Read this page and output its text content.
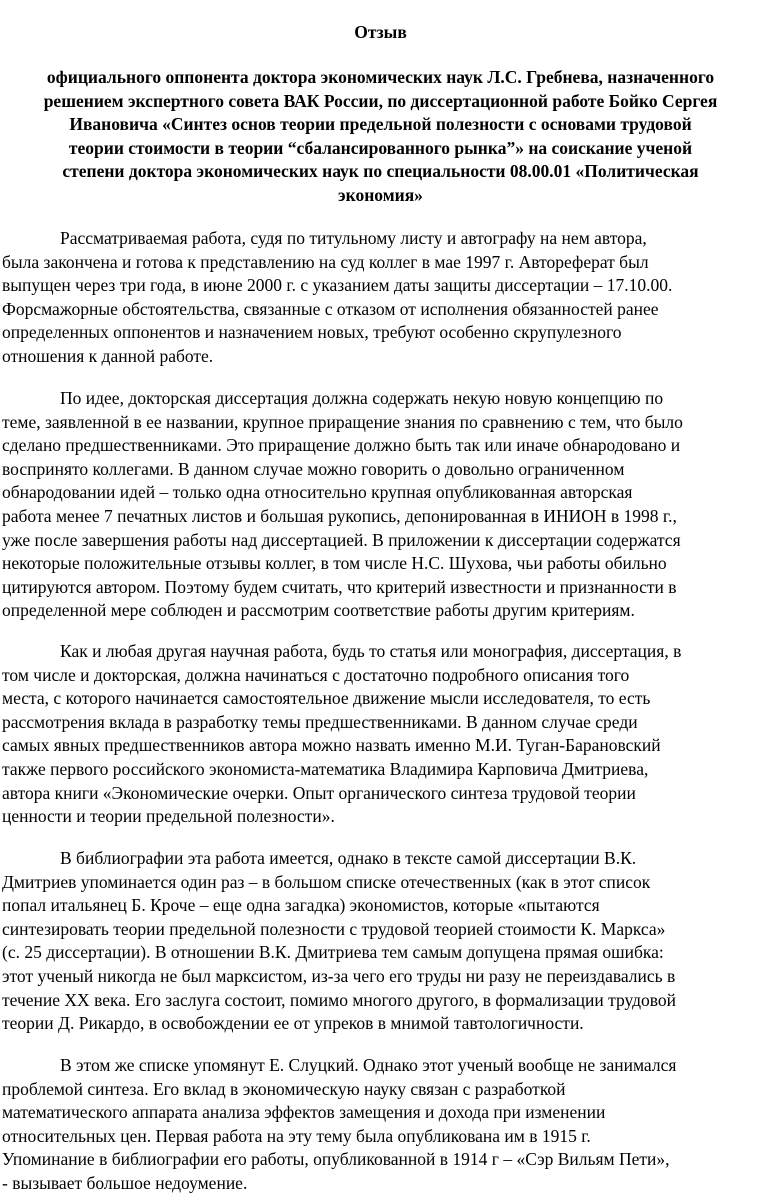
Отзыв
официального оппонента доктора экономических наук Л.С. Гребнева, назначенного
решением экспертного совета ВАК России, по диссертационной работе Бойко Сергея
Ивановича «Синтез основ теории предельной полезности с основами трудовой
теории стоимости в теории “сбалансированного рынка”» на соискание ученой
степени доктора экономических наук по специальности 08.00.01 «Политическая
экономия»
Рассматриваемая работа, судя по титульному листу и автографу на нем автора,
была закончена и готова к представлению на суд коллег в мае 1997 г. Автореферат был
выпущен через три года, в июне 2000 г. с указанием даты защиты диссертации – 17.10.00.
Форсмажорные обстоятельства, связанные с отказом от исполнения обязанностей ранее
определенных оппонентов и назначением новых, требуют особенно скрупулезного
отношения к данной работе.
По идее, докторская диссертация должна содержать некую новую концепцию по
теме, заявленной в ее названии, крупное приращение знания по сравнению с тем, что было
сделано предшественниками. Это приращение должно быть так или иначе обнародовано и
воспринято коллегами. В данном случае можно говорить о довольно ограниченном
обнародовании идей – только одна относительно крупная опубликованная авторская
работа менее 7 печатных листов и большая рукопись, депонированная в ИНИОН в 1998 г.,
уже после завершения работы над диссертацией. В приложении к диссертации содержатся
некоторые положительные отзывы коллег, в том числе Н.С. Шухова, чьи работы обильно
цитируются автором. Поэтому будем считать, что критерий известности и признанности в
определенной мере соблюден и рассмотрим соответствие работы другим критериям.
Как и любая другая научная работа, будь то статья или монография, диссертация, в
том числе и докторская, должна начинаться с достаточно подробного описания того
места, с которого начинается самостоятельное движение мысли исследователя, то есть
рассмотрения вклада в разработку темы предшественниками. В данном случае среди
самых явных предшественников автора можно назвать именно М.И. Туган-Барановский
также первого российского экономиста-математика Владимира Карповича Дмитриева,
автора книги «Экономические очерки. Опыт органического синтеза трудовой теории
ценности и теории предельной полезности».
В библиографии эта работа имеется, однако в тексте самой диссертации В.К.
Дмитриев упоминается один раз – в большом списке отечественных (как в этот список
попал итальянец Б. Кроче – еще одна загадка) экономистов, которые «пытаются
синтезировать теории предельной полезности с трудовой теорией стоимости К. Маркса»
(с. 25 диссертации). В отношении В.К. Дмитриева тем самым допущена прямая ошибка:
этот ученый никогда не был марксистом, из-за чего его труды ни разу не переиздавались в
течение XX века. Его заслуга состоит, помимо многого другого, в формализации трудовой
теории Д. Рикардо, в освобождении ее от упреков в мнимой тавтологичности.
В этом же списке упомянут Е. Слуцкий. Однако этот ученый вообще не занимался
проблемой синтеза. Его вклад в экономическую науку связан с разработкой
математического аппарата анализа эффектов замещения и дохода при изменении
относительных цен. Первая работа на эту тему была опубликована им в 1915 г.
Упоминание в библиографии его работы, опубликованной в 1914 г – «Сэр Вильям Пети»,
- вызывает большое недоумение.
